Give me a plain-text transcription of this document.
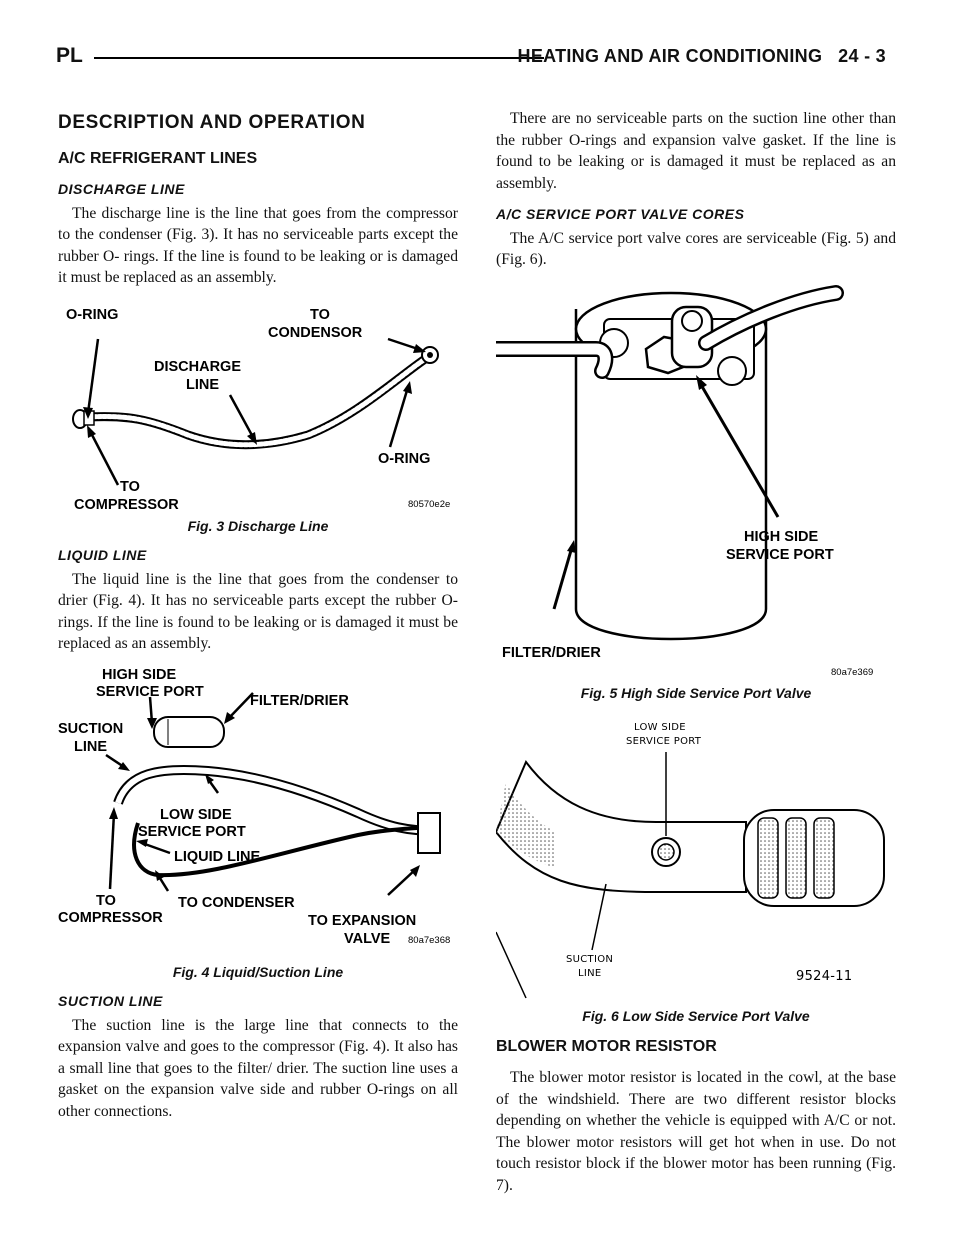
PL	HEATING AND AIR CONDITIONING 24 - 3
DESCRIPTION AND OPERATION
A/C REFRIGERANT LINES
DISCHARGE LINE

The discharge line is the line that goes from the compressor to the condenser (Fig. 3). It has no serviceable parts except the rubber O- rings. If the line is found to be leaking or is damaged it must be replaced as an assembly.

O-RING	TO
CONDENSOR
DISCHARGE
LINE
O-RING
TO
COMPRESSOR	80570e2e
Fig. 3 Discharge Line
LIQUID LINE

The liquid line is the line that goes from the condenser to drier (Fig. 4). It has no serviceable parts except the rubber O-rings. If the line is found to be leaking or is damaged it must be replaced as an assembly.

HIGH SIDE
SERVICE PORT
FILTER/DRIER
SUCTION
LINE
LOW SIDE
SERVICE PORT
LIQUID LINE
TO
COMPRESSOR
TO CONDENSER
TO EXPANSION
VALVE 80a7e368
Fig. 4 Liquid/Suction Line
SUCTION LINE

The suction line is the large line that connects to the expansion valve and goes to the compressor (Fig. 4). It also has a small line that goes to the filter/ drier. The suction line uses a gasket on the expansion valve side and rubber O-rings on all other connections.

There are no serviceable parts on the suction line other than the rubber O-rings and expansion valve gasket. If the line is found to be leaking or is damaged it must be replaced as an assembly.

A/C SERVICE PORT VALVE CORES

The A/C service port valve cores are serviceable (Fig. 5) and (Fig. 6).

HIGH SIDE
SERVICE PORT
FILTER/DRIER
80a7e369
Fig. 5 High Side Service Port Valve
LOW SIDE
SERVICE PORT
SUCTION
LINE	9524-11
Fig. 6 Low Side Service Port Valve
BLOWER MOTOR RESISTOR

The blower motor resistor is located in the cowl, at the base of the windshield. There are two different resistor blocks depending on whether the vehicle is equipped with A/C or not. The blower motor resistors will get hot when in use. Do not touch resistor block if the blower motor has been running (Fig. 7).
